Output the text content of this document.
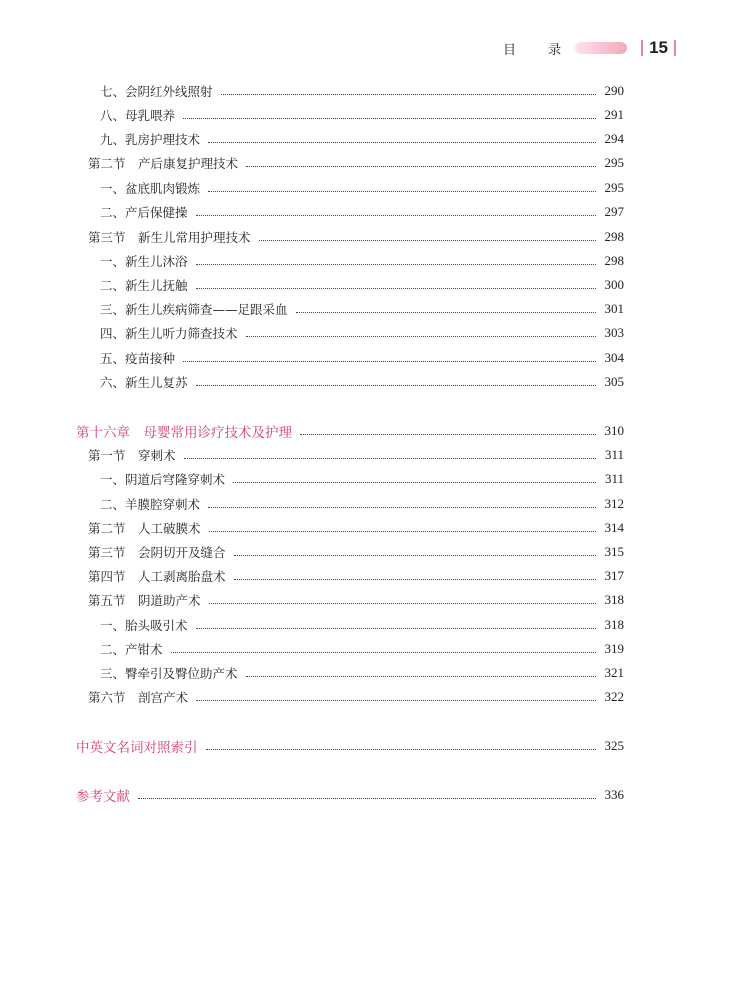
目 录	15
七、会阴红外线照射	290
八、母乳喂养	291
九、乳房护理技术	294
第二节　产后康复护理技术	295
一、盆底肌肉锻炼	295
二、产后保健操	297
第三节　新生儿常用护理技术	298
一、新生儿沐浴	298
二、新生儿抚触	300
三、新生儿疾病筛查——足跟采血	301
四、新生儿听力筛查技术	303
五、疫苗接种	304
六、新生儿复苏	305
第十六章　母婴常用诊疗技术及护理	310
第一节　穿刺术	311
一、阴道后穹隆穿刺术	311
二、羊膜腔穿刺术	312
第二节　人工破膜术	314
第三节　会阴切开及缝合	315
第四节　人工剥离胎盘术	317
第五节　阴道助产术	318
一、胎头吸引术	318
二、产钳术	319
三、臀牵引及臀位助产术	321
第六节　剖宫产术	322
中英文名词对照索引	325
参考文献	336
